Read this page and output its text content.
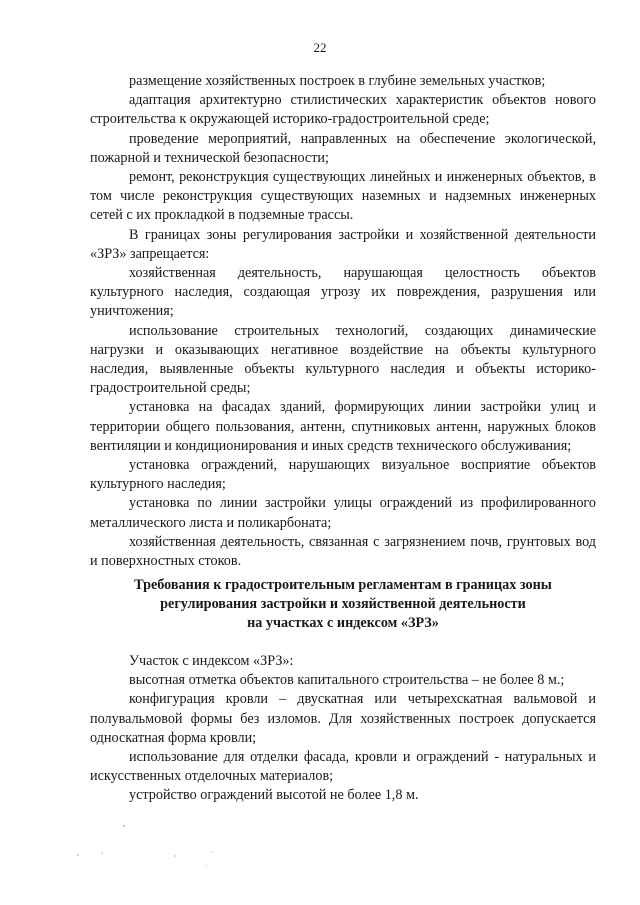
22

размещение хозяйственных построек в глубине земельных участков;

адаптация архитектурно стилистических характеристик объектов нового строительства к окружающей историко-градостроительной среде;

проведение мероприятий, направленных на обеспечение экологической, пожарной и технической безопасности;

ремонт, реконструкция существующих линейных и инженерных объектов, в том числе реконструкция существующих наземных и надземных инженерных сетей с их прокладкой в подземные трассы.

В границах зоны регулирования застройки и хозяйственной деятельности «ЗРЗ» запрещается:

хозяйственная деятельность, нарушающая целостность объектов культурного наследия, создающая угрозу их повреждения, разрушения или уничтожения;

использование строительных технологий, создающих динамические нагрузки и оказывающих негативное воздействие на объекты культурного наследия, выявленные объекты культурного наследия и объекты историко-градостроительной среды;

установка на фасадах зданий, формирующих линии застройки улиц и территории общего пользования, антенн, спутниковых антенн, наружных блоков вентиляции и кондиционирования и иных средств технического обслуживания;

установка ограждений, нарушающих визуальное восприятие объектов культурного наследия;

установка по линии застройки улицы ограждений из профилированного металлического листа и поликарбоната;

хозяйственная деятельность, связанная с загрязнением почв, грунтовых вод и поверхностных стоков.

Требования к градостроительным регламентам в границах зоны
регулирования застройки и хозяйственной деятельности
на участках с индексом «ЗРЗ»

Участок с индексом «ЗРЗ»:

высотная отметка объектов капитального строительства – не более 8 м.;

конфигурация кровли – двускатная или четырехскатная вальмовой и полувальмовой формы без изломов. Для хозяйственных построек допускается односкатная форма кровли;

использование для отделки фасада, кровли и ограждений - натуральных и искусственных отделочных материалов;

устройство ограждений высотой не более 1,8 м.
